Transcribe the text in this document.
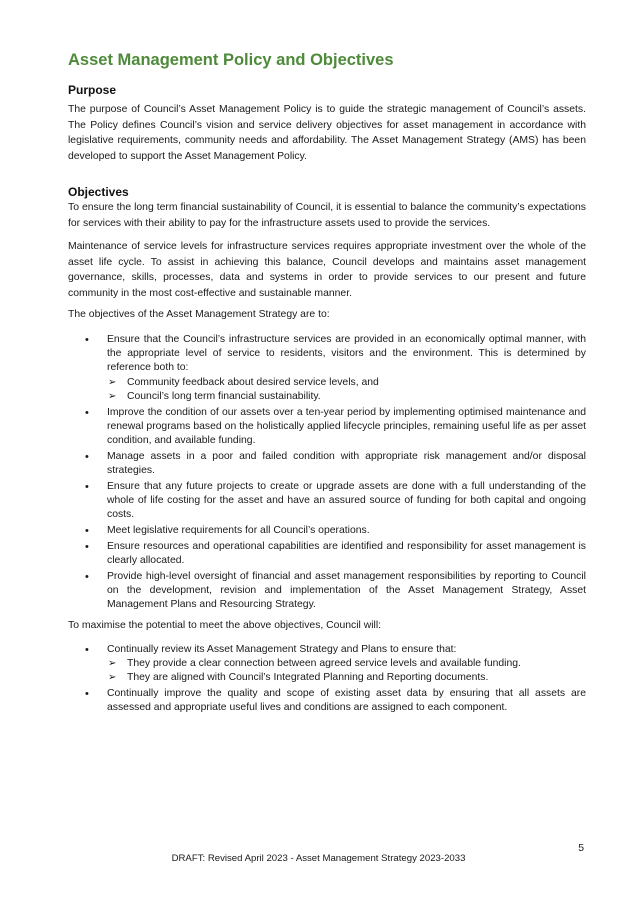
Asset Management Policy and Objectives
Purpose

The purpose of Council’s Asset Management Policy is to guide the strategic management of Council’s assets. The Policy defines Council’s vision and service delivery objectives for asset management in accordance with legislative requirements, community needs and affordability. The Asset Management Strategy (AMS) has been developed to support the Asset Management Policy.

Objectives

To ensure the long term financial sustainability of Council, it is essential to balance the community’s expectations for services with their ability to pay for the infrastructure assets used to provide the services.

Maintenance of service levels for infrastructure services requires appropriate investment over the whole of the asset life cycle. To assist in achieving this balance, Council develops and maintains asset management governance, skills, processes, data and systems in order to provide services to our present and future community in the most cost-effective and sustainable manner.

The objectives of the Asset Management Strategy are to:

• Ensure that the Council’s infrastructure services are provided in an economically optimal manner, with the appropriate level of service to residents, visitors and the environment. This is determined by reference both to:
➢ Community feedback about desired service levels, and
➢ Council’s long term financial sustainability.
• Improve the condition of our assets over a ten-year period by implementing optimised maintenance and renewal programs based on the holistically applied lifecycle principles, remaining useful life as per asset condition, and available funding.
• Manage assets in a poor and failed condition with appropriate risk management and/or disposal strategies.
• Ensure that any future projects to create or upgrade assets are done with a full understanding of the whole of life costing for the asset and have an assured source of funding for both capital and ongoing costs.
• Meet legislative requirements for all Council’s operations.
• Ensure resources and operational capabilities are identified and responsibility for asset management is clearly allocated.
• Provide high-level oversight of financial and asset management responsibilities by reporting to Council on the development, revision and implementation of the Asset Management Strategy, Asset Management Plans and Resourcing Strategy.

To maximise the potential to meet the above objectives, Council will:

• Continually review its Asset Management Strategy and Plans to ensure that:
➢ They provide a clear connection between agreed service levels and available funding.
➢ They are aligned with Council’s Integrated Planning and Reporting documents.
• Continually improve the quality and scope of existing asset data by ensuring that all assets are assessed and appropriate useful lives and conditions are assigned to each component.
5
DRAFT: Revised April 2023 - Asset Management Strategy 2023-2033
